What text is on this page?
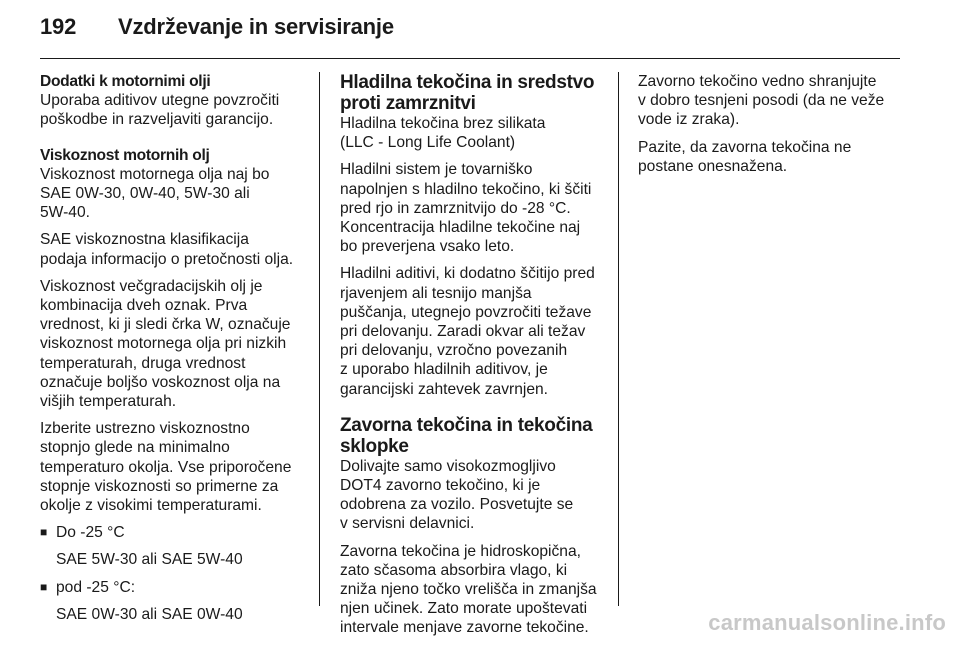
192	Vzdrževanje in servisiranje
Dodatki k motornimi olji
Uporaba aditivov utegne povzročiti
poškodbe in razveljaviti garancijo.
Viskoznost motornih olj
Viskoznost motornega olja naj bo
SAE 0W-30, 0W-40, 5W-30 ali
5W-40.
SAE viskoznostna klasifikacija
podaja informacijo o pretočnosti olja.
Viskoznost večgradacijskih olj je
kombinacija dveh oznak. Prva
vrednost, ki ji sledi črka W, označuje
viskoznost motornega olja pri nizkih
temperaturah, druga vrednost
označuje boljšo voskoznost olja na
višjih temperaturah.
Izberite ustrezno viskoznostno
stopnjo glede na minimalno
temperaturo okolja. Vse priporočene
stopnje viskoznosti so primerne za
okolje z visokimi temperaturami.
■ Do -25 °C
SAE 5W-30 ali SAE 5W-40
■ pod -25 °C:
SAE 0W-30 ali SAE 0W-40
Hladilna tekočina in sredstvo
proti zamrznitvi
Hladilna tekočina brez silikata
(LLC - Long Life Coolant)
Hladilni sistem je tovarniško
napolnjen s hladilno tekočino, ki ščiti
pred rjo in zamrznitvijo do -28 °C.
Koncentracija hladilne tekočine naj
bo preverjena vsako leto.
Hladilni aditivi, ki dodatno ščitijo pred
rjavenjem ali tesnijo manjša
puščanja, utegnejo povzročiti težave
pri delovanju. Zaradi okvar ali težav
pri delovanju, vzročno povezanih
z uporabo hladilnih aditivov, je
garancijski zahtevek zavrnjen.
Zavorna tekočina in tekočina
sklopke
Dolivajte samo visokozmogljivo
DOT4 zavorno tekočino, ki je
odobrena za vozilo. Posvetujte se
v servisni delavnici.
Zavorna tekočina je hidroskopična,
zato sčasoma absorbira vlago, ki
zniža njeno točko vrelišča in zmanjša
njen učinek. Zato morate upoštevati
intervale menjave zavorne tekočine.
Zavorno tekočino vedno shranjujte
v dobro tesnjeni posodi (da ne veže
vode iz zraka).
Pazite, da zavorna tekočina ne
postane onesnažena.
carmanualsonline.info
